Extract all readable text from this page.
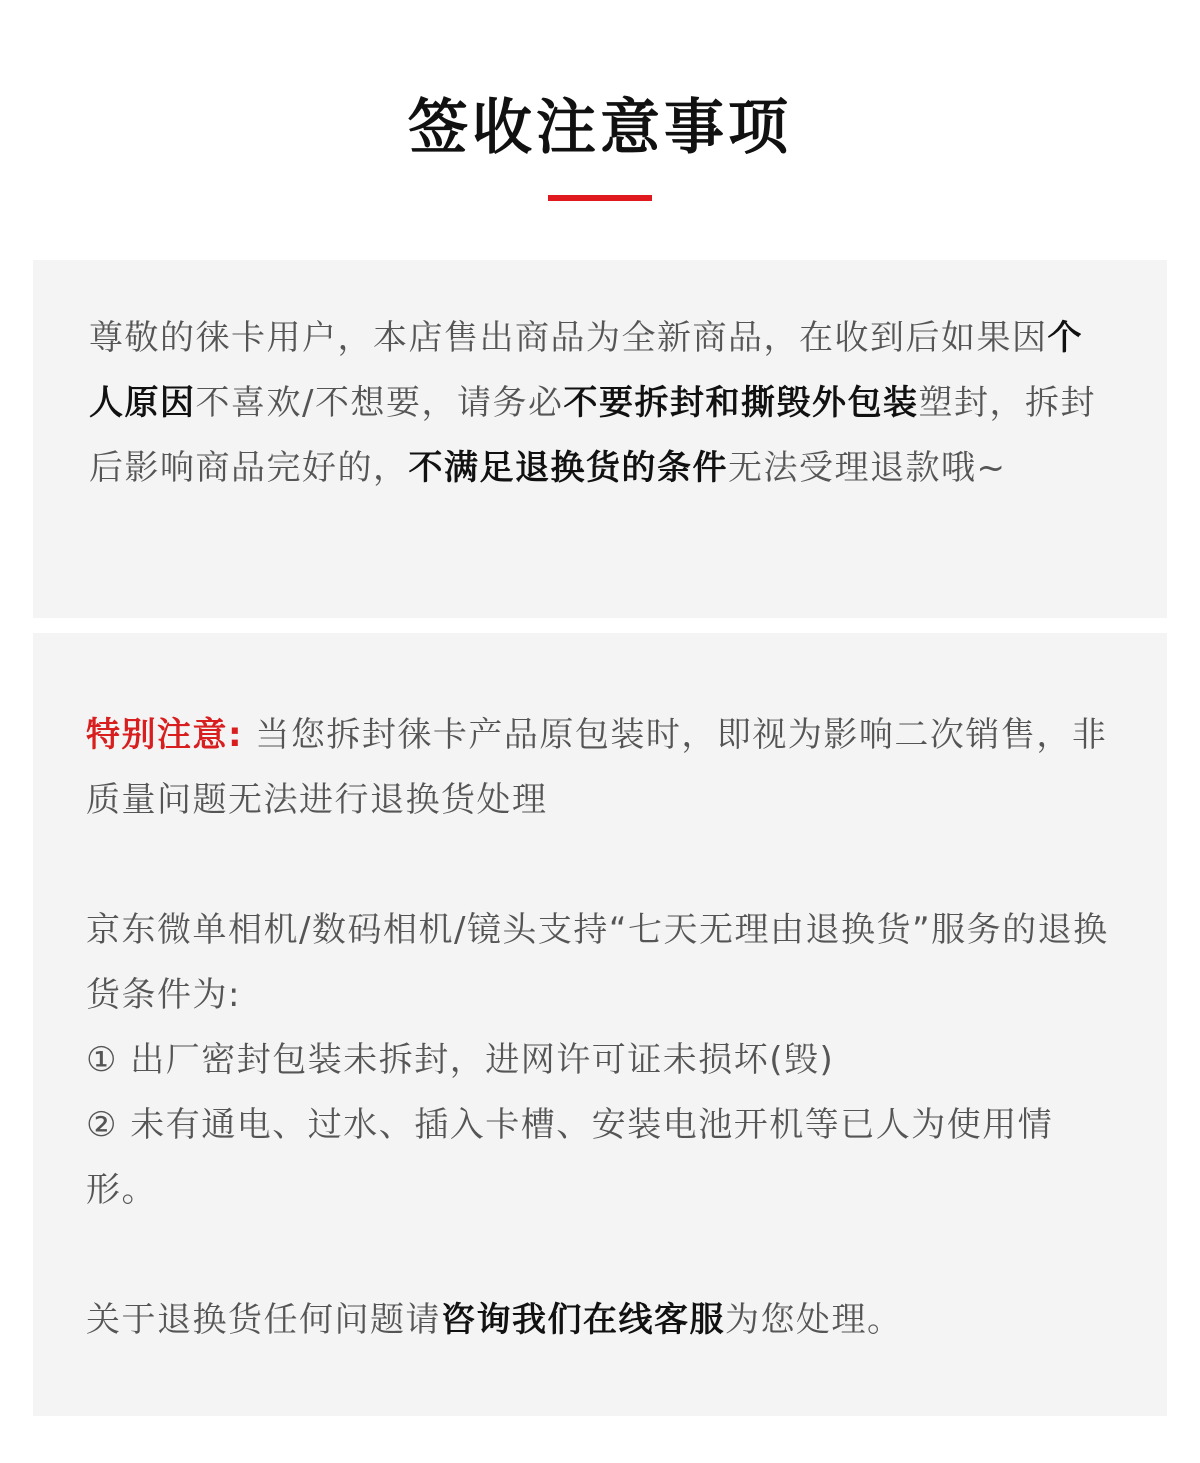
签收注意事项

尊敬的徕卡用户，本店售出商品为全新商品，在收到后如果因个人原因不喜欢/不想要，请务必不要拆封和撕毁外包装塑封，拆封后影响商品完好的，不满足退换货的条件无法受理退款哦~

特别注意: 当您拆封徕卡产品原包装时，即视为影响二次销售，非质量问题无法进行退换货处理

京东微单相机/数码相机/镜头支持“七天无理由退换货”服务的退换货条件为:

① 出厂密封包装未拆封，进网许可证未损坏(毁)

② 未有通电、过水、插入卡槽、安装电池开机等已人为使用情形。

关于退换货任何问题请咨询我们在线客服为您处理。
